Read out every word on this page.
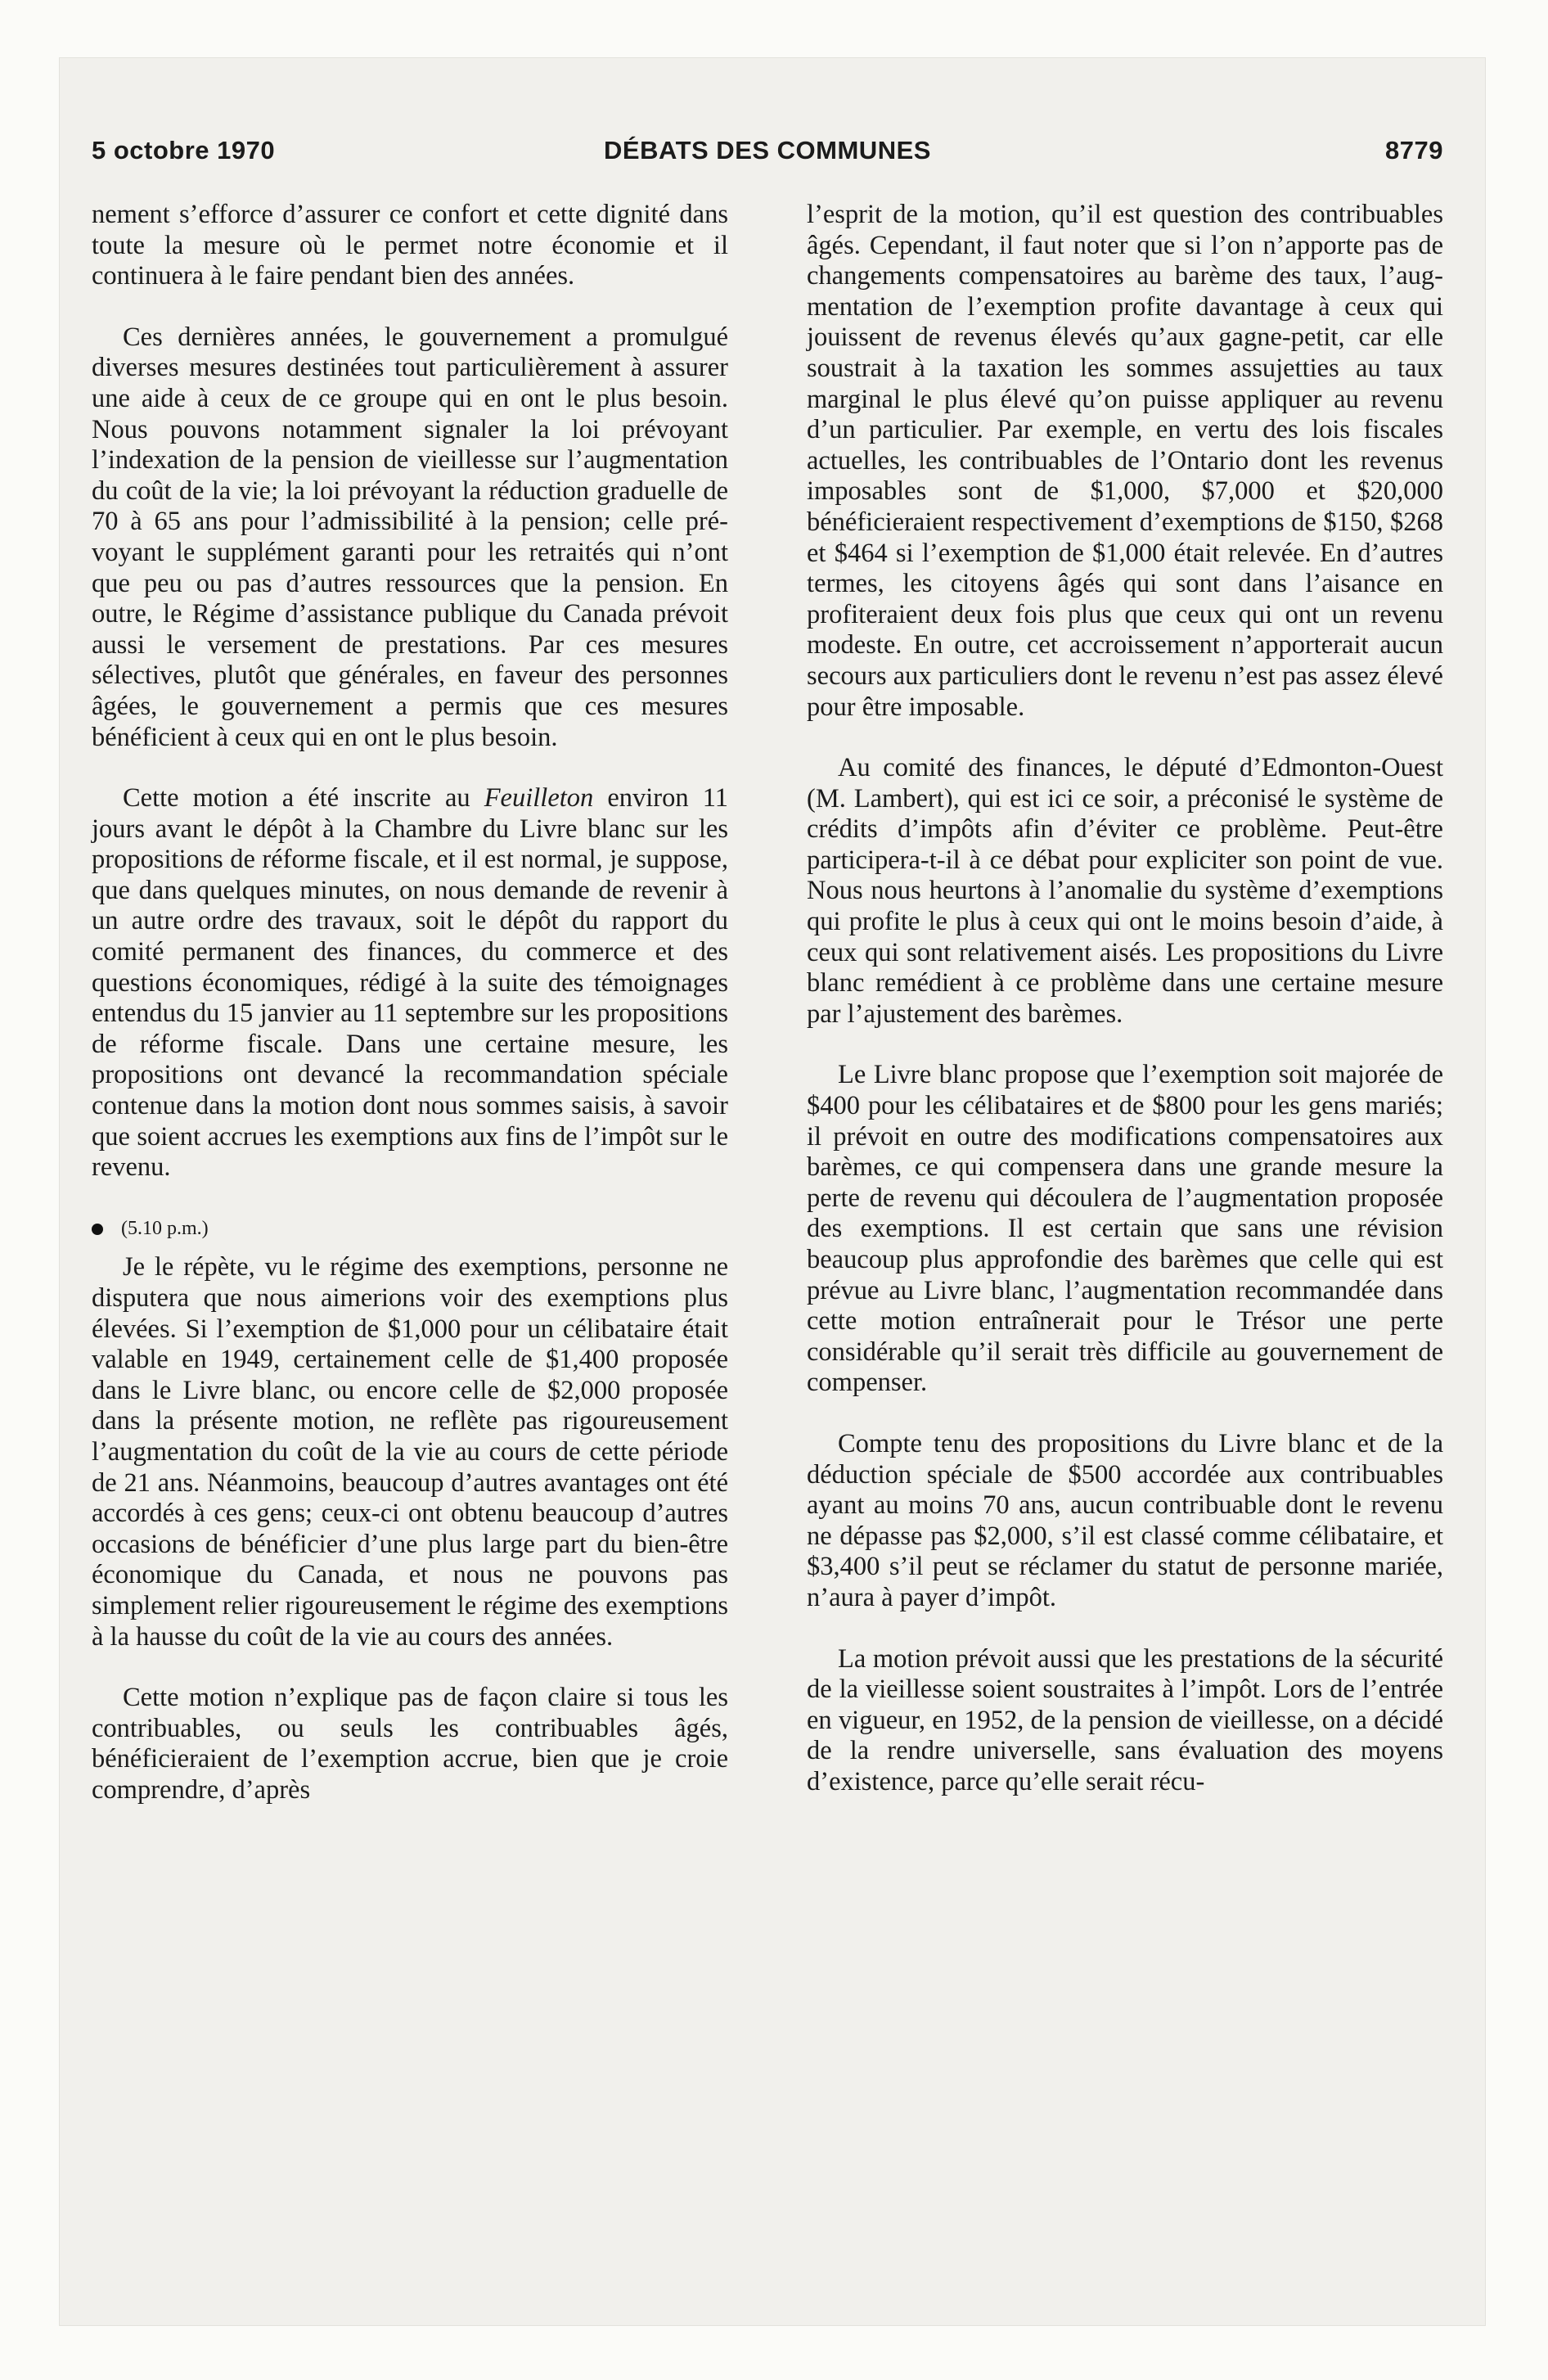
5 octobre 1970	DÉBATS DES COMMUNES	8779

nement s’efforce d’assurer ce confort et cette dignité dans toute la mesure où le permet notre économie et il continuera à le faire pendant bien des années.

Ces dernières années, le gouvernement a promulgué diverses mesures destinées tout particulièrement à assurer une aide à ceux de ce groupe qui en ont le plus besoin. Nous pouvons notamment signaler la loi prévoyant l’indexation de la pension de vieillesse sur l’augmentation du coût de la vie; la loi prévoyant la réduction graduelle de 70 à 65 ans pour l’admissibilité à la pension; celle prévoyant le supplément garanti pour les retraités qui n’ont que peu ou pas d’autres ressources que la pension. En outre, le Régime d’assistance publique du Canada prévoit aussi le versement de prestations. Par ces mesures sélectives, plutôt que générales, en faveur des personnes âgées, le gouvernement a permis que ces mesures bénéficient à ceux qui en ont le plus besoin.

Cette motion a été inscrite au Feuilleton environ 11 jours avant le dépôt à la Chambre du Livre blanc sur les propositions de réforme fiscale, et il est normal, je suppose, que dans quelques minutes, on nous demande de revenir à un autre ordre des travaux, soit le dépôt du rapport du comité permanent des finances, du commerce et des questions économiques, rédigé à la suite des témoignages entendus du 15 janvier au 11 septembre sur les propositions de réforme fiscale. Dans une certaine mesure, les propositions ont devancé la recommandation spéciale contenue dans la motion dont nous sommes saisis, à savoir que soient accrues les exemptions aux fins de l’impôt sur le revenu.

(5.10 p.m.)

Je le répète, vu le régime des exemptions, personne ne disputera que nous aimerions voir des exemptions plus élevées. Si l’exemption de $1,000 pour un célibataire était valable en 1949, certainement celle de $1,400 proposée dans le Livre blanc, ou encore celle de $2,000 proposée dans la présente motion, ne reflète pas rigoureusement l’augmentation du coût de la vie au cours de cette période de 21 ans. Néanmoins, beaucoup d’autres avantages ont été accordés à ces gens; ceux-ci ont obtenu beaucoup d’autres occasions de bénéficier d’une plus large part du bien-être économique du Canada, et nous ne pouvons pas simplement relier rigoureusement le régime des exemptions à la hausse du coût de la vie au cours des années.

Cette motion n’explique pas de façon claire si tous les contribuables, ou seuls les contribuables âgés, bénéficieraient de l’exemption accrue, bien que je croie comprendre, d’après

l’esprit de la motion, qu’il est question des contribuables âgés. Cependant, il faut noter que si l’on n’apporte pas de changements compensatoires au barème des taux, l’augmentation de l’exemption profite davantage à ceux qui jouissent de revenus élevés qu’aux gagne-petit, car elle soustrait à la taxation les sommes assujetties au taux marginal le plus élevé qu’on puisse appliquer au revenu d’un particulier. Par exemple, en vertu des lois fiscales actuelles, les contribuables de l’Ontario dont les revenus imposables sont de $1,000, $7,000 et $20,000 bénéficieraient respectivement d’exemptions de $150, $268 et $464 si l’exemption de $1,000 était relevée. En d’autres termes, les citoyens âgés qui sont dans l’aisance en profiteraient deux fois plus que ceux qui ont un revenu modeste. En outre, cet accroissement n’apporterait aucun secours aux particuliers dont le revenu n’est pas assez élevé pour être imposable.

Au comité des finances, le député d’Edmonton-Ouest (M. Lambert), qui est ici ce soir, a préconisé le système de crédits d’impôts afin d’éviter ce problème. Peut-être participera-t-il à ce débat pour expliciter son point de vue. Nous nous heurtons à l’anomalie du système d’exemptions qui profite le plus à ceux qui ont le moins besoin d’aide, à ceux qui sont relativement aisés. Les propositions du Livre blanc remédient à ce problème dans une certaine mesure par l’ajustement des barèmes.

Le Livre blanc propose que l’exemption soit majorée de $400 pour les célibataires et de $800 pour les gens mariés; il prévoit en outre des modifications compensatoires aux barèmes, ce qui compensera dans une grande mesure la perte de revenu qui découlera de l’augmentation proposée des exemptions. Il est certain que sans une révision beaucoup plus approfondie des barèmes que celle qui est prévue au Livre blanc, l’augmentation recommandée dans cette motion entraînerait pour le Trésor une perte considérable qu’il serait très difficile au gouvernement de compenser.

Compte tenu des propositions du Livre blanc et de la déduction spéciale de $500 accordée aux contribuables ayant au moins 70 ans, aucun contribuable dont le revenu ne dépasse pas $2,000, s’il est classé comme célibataire, et $3,400 s’il peut se réclamer du statut de personne mariée, n’aura à payer d’impôt.

La motion prévoit aussi que les prestations de la sécurité de la vieillesse soient soustraites à l’impôt. Lors de l’entrée en vigueur, en 1952, de la pension de vieillesse, on a décidé de la rendre universelle, sans évaluation des moyens d’existence, parce qu’elle serait récu-
